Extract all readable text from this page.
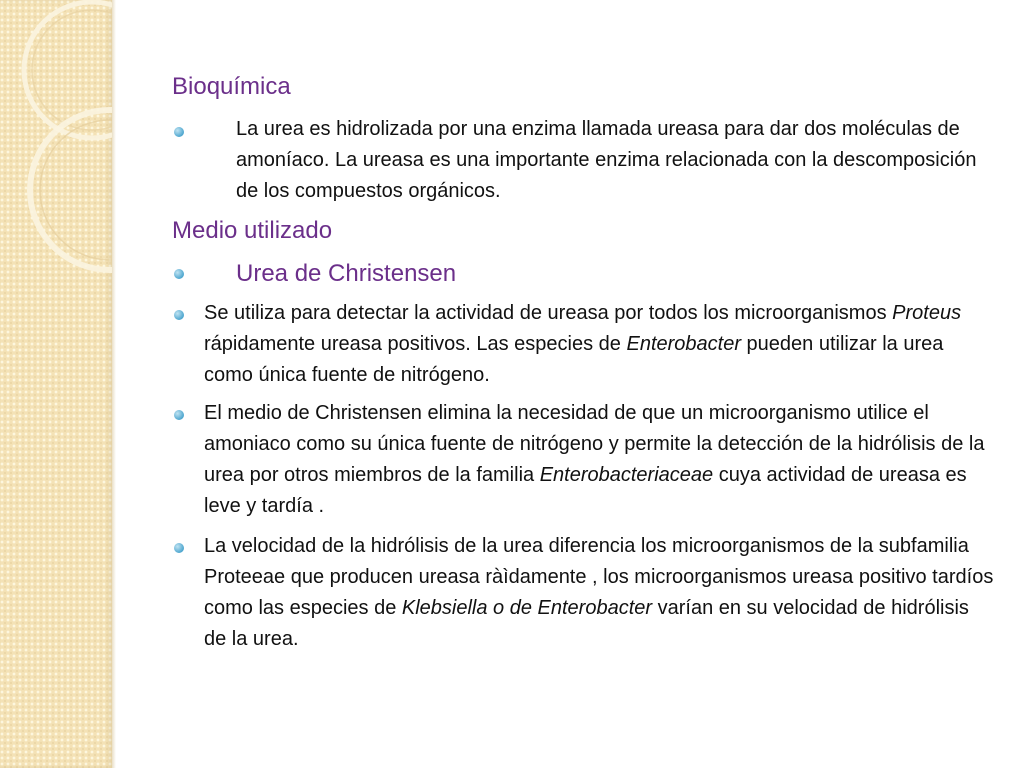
Bioquímica
La urea es hidrolizada por una enzima llamada ureasa para dar dos moléculas de amoníaco. La ureasa es una importante enzima relacionada con la descomposición de los compuestos orgánicos.
Medio utilizado
Urea de Christensen
Se utiliza para detectar la actividad de ureasa por todos los microorganismos Proteus rápidamente ureasa positivos. Las especies de Enterobacter pueden utilizar la urea como única fuente de nitrógeno.
El medio de Christensen elimina la necesidad de que un microorganismo utilice el amoniaco como su única fuente de nitrógeno y permite la detección de la hidrólisis de la urea por otros miembros de la familia Enterobacteriaceae cuya actividad de ureasa es leve y tardía .
La velocidad de la hidrólisis de la urea diferencia los microorganismos de la subfamilia Proteeae que producen ureasa ràìdamente , los microorganismos ureasa positivo tardíos como las especies de Klebsiella o de Enterobacter varían en su velocidad de hidrólisis de la urea.
